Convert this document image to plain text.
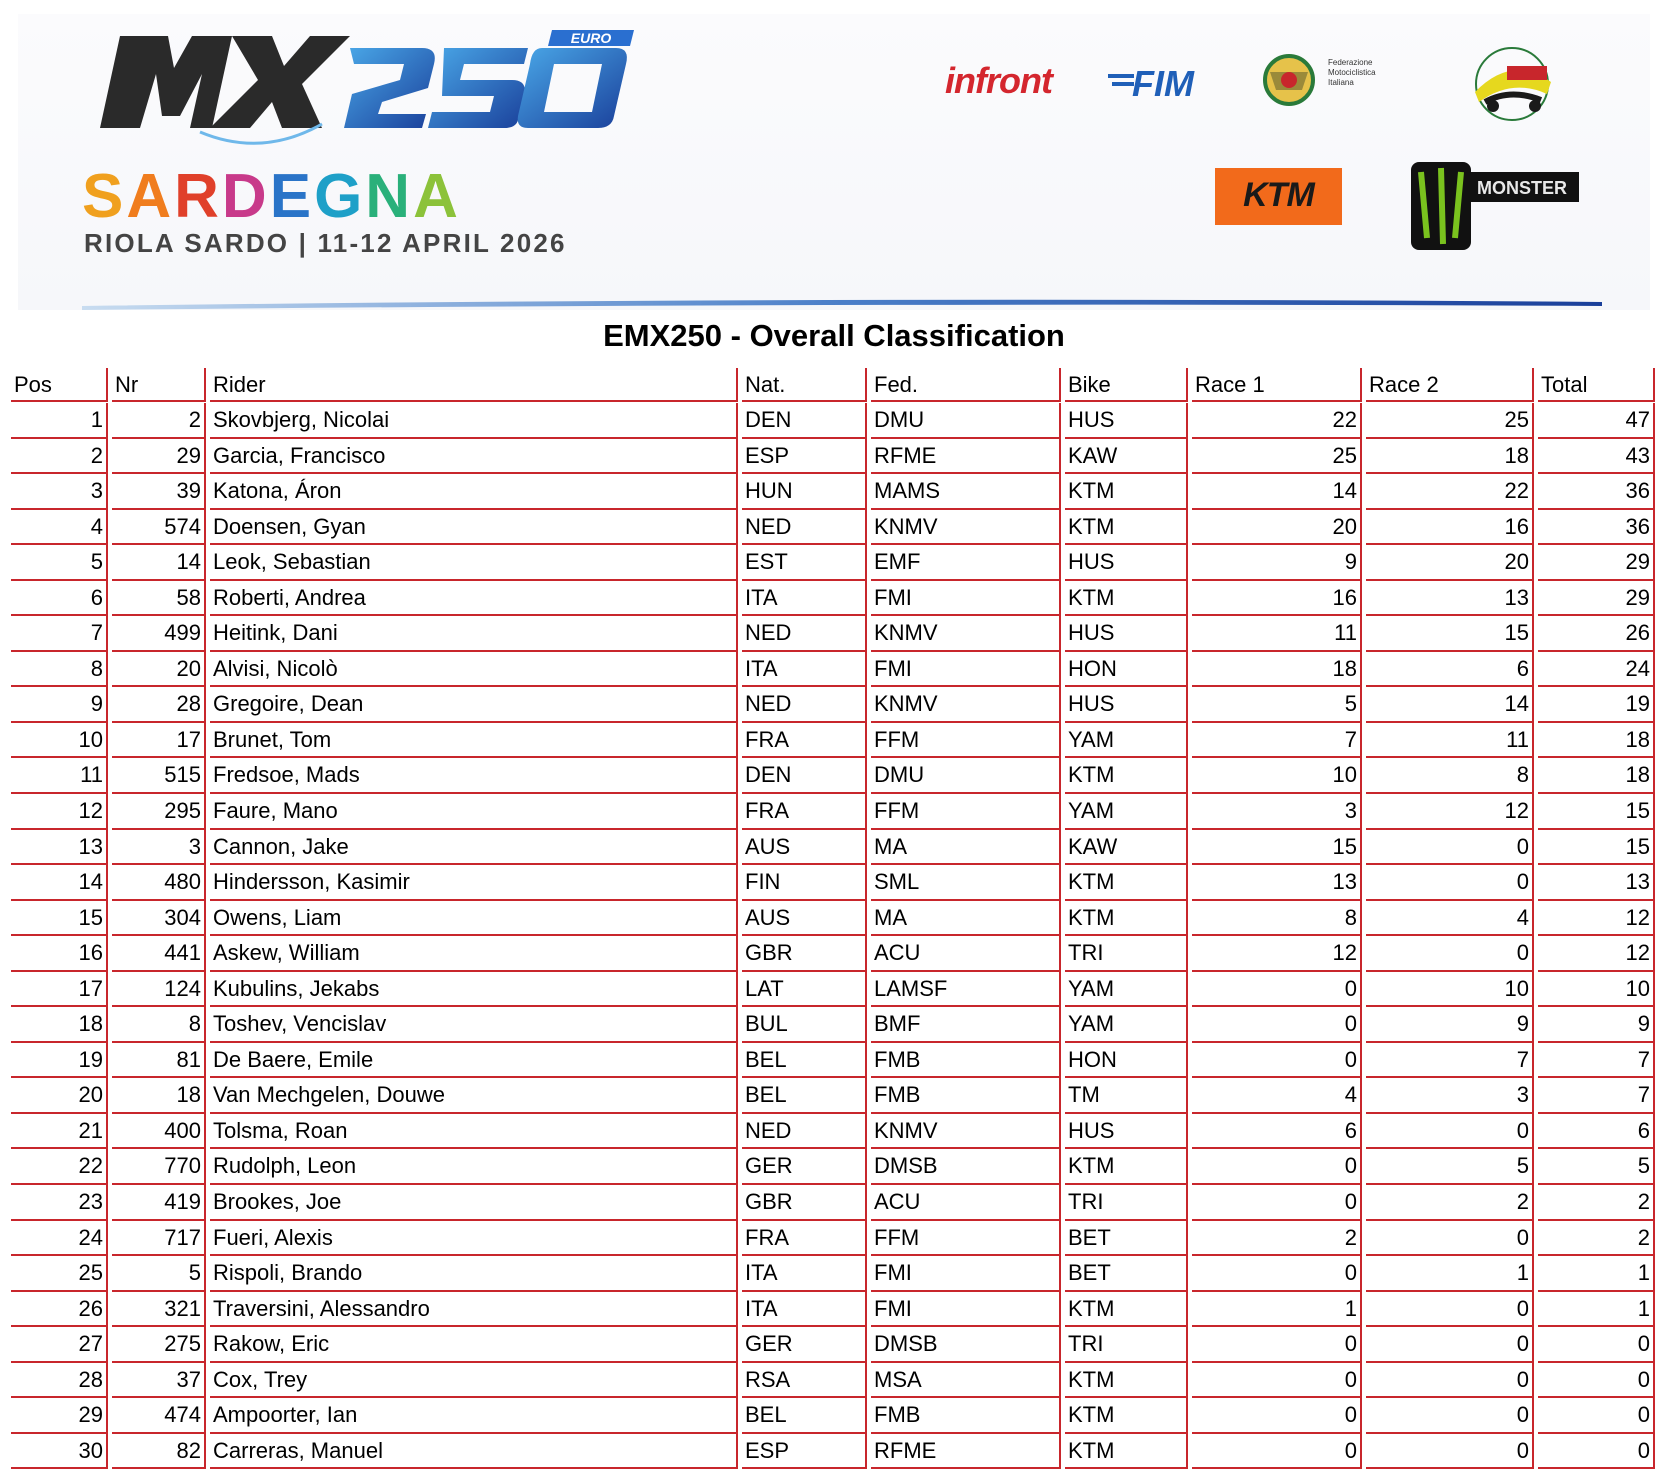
EURO
SARDEGNA
RIOLA SARDO | 11-12 APRIL 2026
infront FIM
Federazione Motociclistica Italiana
KTM	MONSTER
EMX250 - Overall Classification
Pos	Nr	Rider	Nat.	Fed.	Bike	Race 1	Race 2	Total
1	2 Skovbjerg, Nicolai	DEN	DMU	HUS	22	25	47
2	29 Garcia, Francisco	ESP	RFME	KAW	25	18	43
3	39 Katona, Áron	HUN	MAMS	KTM	14	22	36
4	574 Doensen, Gyan	NED	KNMV	KTM	20	16	36
5	14 Leok, Sebastian	EST	EMF	HUS	9	20	29
6	58 Roberti, Andrea	ITA	FMI	KTM	16	13	29
7	499 Heitink, Dani	NED	KNMV	HUS	11	15	26
8	20 Alvisi, Nicolò	ITA	FMI	HON	18	6	24
9	28 Gregoire, Dean	NED	KNMV	HUS	5	14	19
10	17 Brunet, Tom	FRA	FFM	YAM	7	11	18
11	515 Fredsoe, Mads	DEN	DMU	KTM	10	8	18
12	295 Faure, Mano	FRA	FFM	YAM	3	12	15
13	3 Cannon, Jake	AUS	MA	KAW	15	0	15
14	480 Hindersson, Kasimir	FIN	SML	KTM	13	0	13
15	304 Owens, Liam	AUS	MA	KTM	8	4	12
16	441 Askew, William	GBR	ACU	TRI	12	0	12
17	124 Kubulins, Jekabs	LAT	LAMSF	YAM	0	10	10
18	8 Toshev, Vencislav	BUL	BMF	YAM	0	9	9
19	81 De Baere, Emile	BEL	FMB	HON	0	7	7
20	18 Van Mechgelen, Douwe	BEL	FMB	TM	4	3	7
21	400 Tolsma, Roan	NED	KNMV	HUS	6	0	6
22	770 Rudolph, Leon	GER	DMSB	KTM	0	5	5
23	419 Brookes, Joe	GBR	ACU	TRI	0	2	2
24	717 Fueri, Alexis	FRA	FFM	BET	2	0	2
25	5 Rispoli, Brando	ITA	FMI	BET	0	1	1
26	321 Traversini, Alessandro	ITA	FMI	KTM	1	0	1
27	275 Rakow, Eric	GER	DMSB	TRI	0	0	0
28	37 Cox, Trey	RSA	MSA	KTM	0	0	0
29	474 Ampoorter, Ian	BEL	FMB	KTM	0	0	0
30	82 Carreras, Manuel	ESP	RFME	KTM	0	0	0
